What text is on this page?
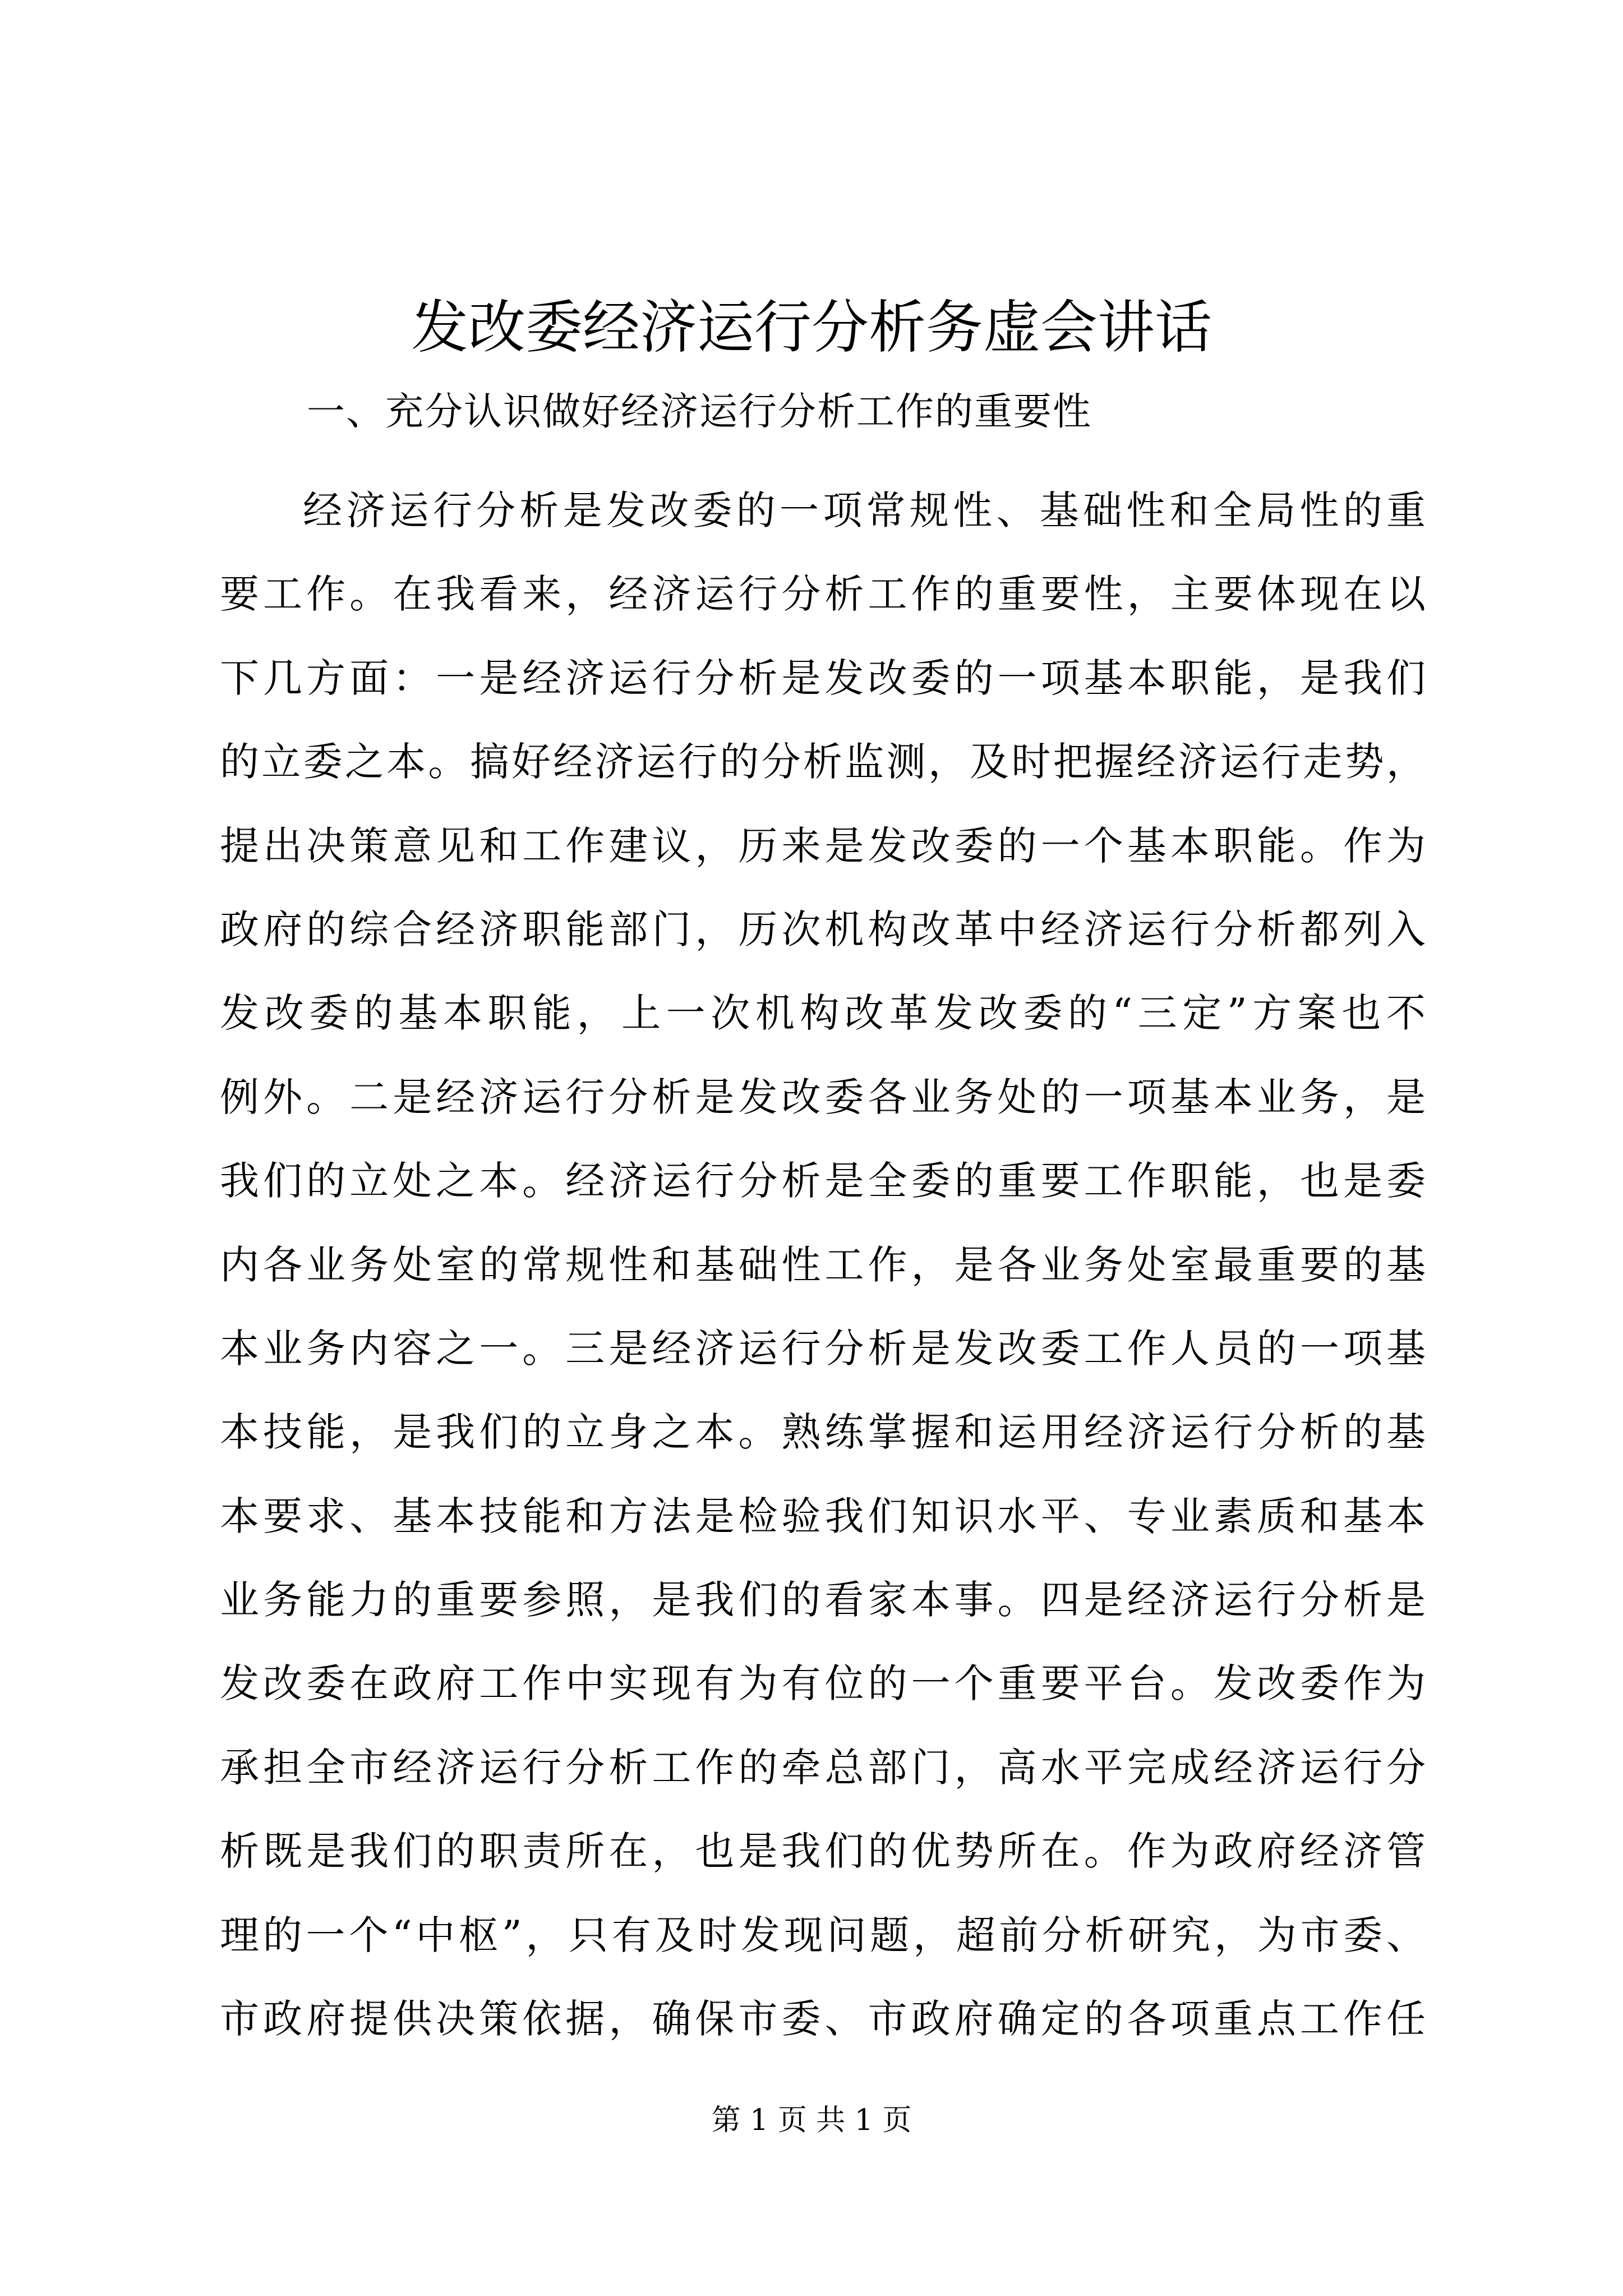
发改委经济运行分析务虚会讲话

一、充分认识做好经济运行分析工作的重要性

经济运行分析是发改委的一项常规性、基础性和全局性的重
要工作。在我看来，经济运行分析工作的重要性，主要体现在以
下几方面：一是经济运行分析是发改委的一项基本职能，是我们
的立委之本。搞好经济运行的分析监测，及时把握经济运行走势，
提出决策意见和工作建议，历来是发改委的一个基本职能。作为
政府的综合经济职能部门，历次机构改革中经济运行分析都列入
发改委的基本职能，上一次机构改革发改委的“三定”方案也不
例外。二是经济运行分析是发改委各业务处的一项基本业务，是
我们的立处之本。经济运行分析是全委的重要工作职能，也是委
内各业务处室的常规性和基础性工作，是各业务处室最重要的基
本业务内容之一。三是经济运行分析是发改委工作人员的一项基
本技能，是我们的立身之本。熟练掌握和运用经济运行分析的基
本要求、基本技能和方法是检验我们知识水平、专业素质和基本
业务能力的重要参照，是我们的看家本事。四是经济运行分析是
发改委在政府工作中实现有为有位的一个重要平台。发改委作为
承担全市经济运行分析工作的牵总部门，高水平完成经济运行分
析既是我们的职责所在，也是我们的优势所在。作为政府经济管
理的一个“中枢”，只有及时发现问题，超前分析研究，为市委、
市政府提供决策依据，确保市委、市政府确定的各项重点工作任
第 1 页 共 1 页
